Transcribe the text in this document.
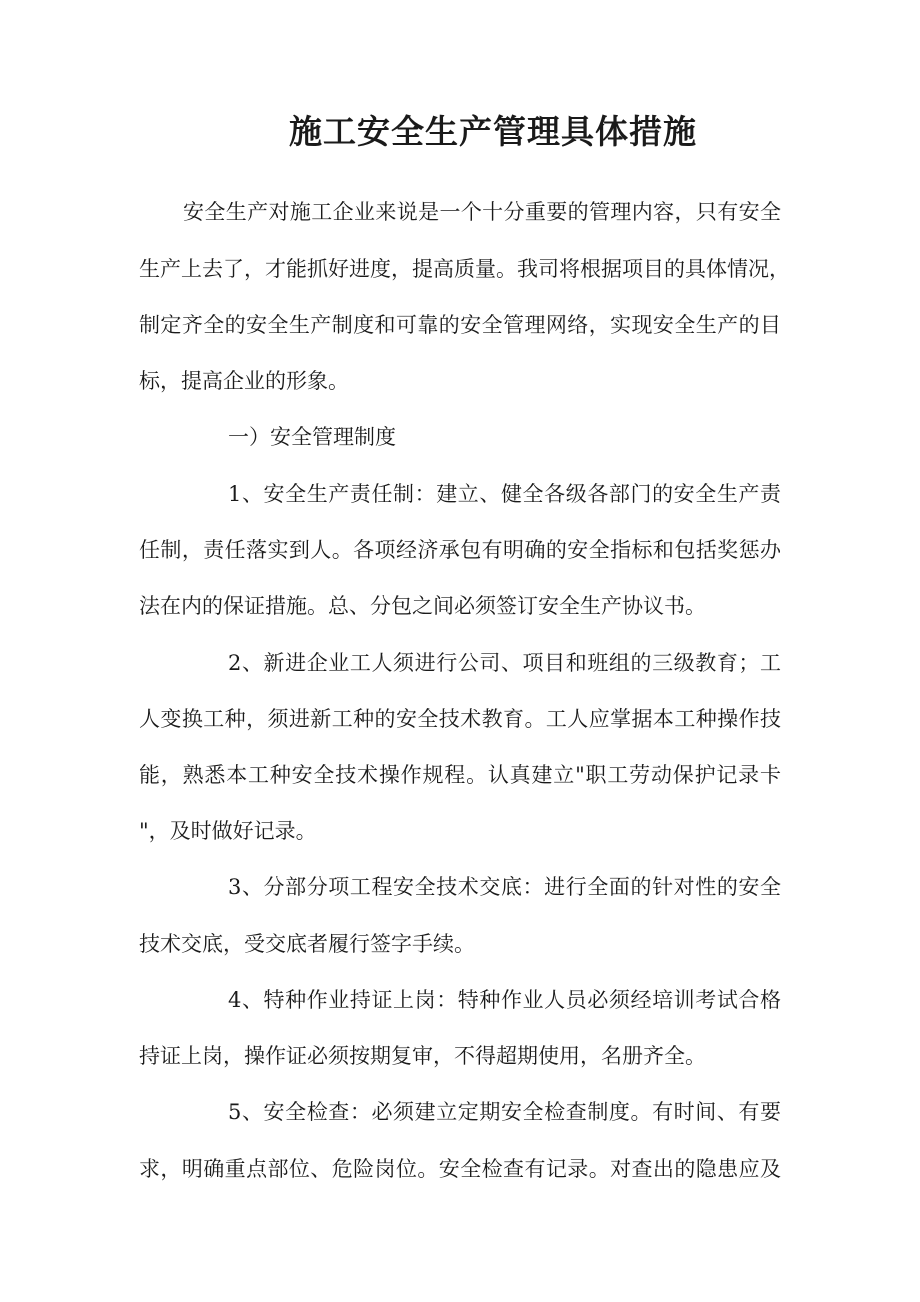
施工安全生产管理具体措施

安全生产对施工企业来说是一个十分重要的管理内容，只有安全

生产上去了，才能抓好进度，提高质量。我司将根据项目的具体情况，

制定齐全的安全生产制度和可靠的安全管理网络，实现安全生产的目

标，提高企业的形象。

一）安全管理制度

1、安全生产责任制：建立、健全各级各部门的安全生产责

任制，责任落实到人。各项经济承包有明确的安全指标和包括奖惩办

法在内的保证措施。总、分包之间必须签订安全生产协议书。

2、新进企业工人须进行公司、项目和班组的三级教育；工

人变换工种，须进新工种的安全技术教育。工人应掌据本工种操作技

能，熟悉本工种安全技术操作规程。认真建立"职工劳动保护记录卡

"，及时做好记录。

3、分部分项工程安全技术交底：进行全面的针对性的安全

技术交底，受交底者履行签字手续。

4、特种作业持证上岗：特种作业人员必须经培训考试合格

持证上岗，操作证必须按期复审，不得超期使用，名册齐全。

5、安全检查：必须建立定期安全检查制度。有时间、有要

求，明确重点部位、危险岗位。安全检查有记录。对查出的隐患应及
